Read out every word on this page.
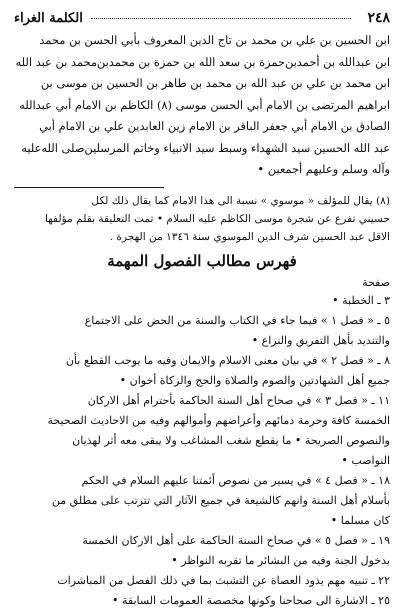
٢٤٨
الكلمة الغراء

ابن الحسين بن علي بن محمد بن تاج الدين المعروف بأبي الحسن بن محمد

ابن عبدالله بن أحمدبن‌حمزة بن سعد الله بن حمزة بن محمدبن‌محمد بن عبد الله

ابن محمد بن علي بن عبد الله بن محمد بن طاهر بن الحسين بن موسى بن

ابراهيم المرتضى بن الامام أبي الحسن موسى (٨) الكاظم بن الامام أبي عبدالله

الصادق بن الامام أبي جعفر الباقر بن الامام زين العابدين علي بن الامام أبي

عبد الله الحسين سيد الشهداء وسبط سيد الانبياء وخاتم المرسلين‌صلى الله‌عليه

وآله وسلم وعليهم أجمعين •

(٨) يقال للمؤلف « موسوي » نسبة الى هذا الامام كما يقال ذلك لكل

حسيني تفرع عن شجرة موسى الكاظم عليه السلام • تمت التعليقة بقلم مؤلفها

الاقل عبد الحسين شرف الدين الموسوي سنة ١٣٤٦ من الهجرة .

فهرس مطالب الفصول المهمة
صفحة

٣ ـ الخطبة •

٥ ـ « فصل ١ » فيما جاء في الكتاب والسنة من الحض على الاجتماع

والتنديد بأهل التفريق والنزاع •

٨ ـ « فصل ٢ » في بيان معنى الاسلام والايمان وفيه ما يوجب القطع بأن

جميع أهل الشهادتين والصوم والصلاة والحج والزكاة أخوان •

١١ ـ « فصل ٣ » في صحاح أهل السنة الحاكمة بأحترام أهل الاركان

الخمسة كافة وحرمة دمائهم وأعراضهم وأموالهم وفيه من الاحاديث الصحيحة

والنصوص الصريحة • ما يقطع شغب المشاغب ولا يبقى معه أثر لهذيان

النواصب •

١٨ ـ « فصل ٤ » في يسير من نصوص أئمتنا عليهم السلام في الحكم

بأسلام أهل السنة وانهم كالشيعة في جميع الآثار التي تترتب على مطلق من

كان مسلما •

١٩ ـ « فصل ٥ » في صحاح السنة الحاكمة على أهل الاركان الخمسة

بدخول الجنة وفيه من البشائر ما تقربه النواظر •

٢٢ ـ تنبيه مهم يذود العصاة عن التشبث بما في ذلك الفصل من المباشرات

٢٥ ـ الاشارة الى صحاحنا وكونها مخصصة العمومات السابقة •
